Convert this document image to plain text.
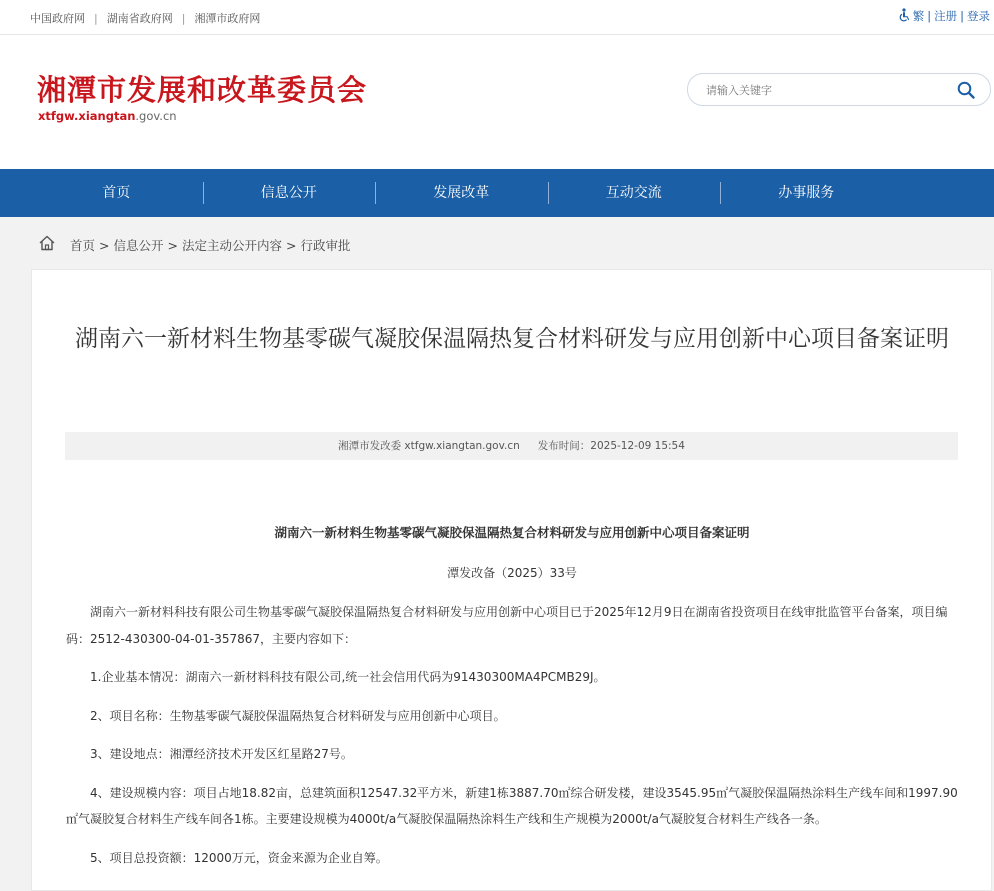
中国政府网 | 湖南省政府网 | 湘潭市政府网	繁 | 注册 | 登录
湘潭市发展和改革委员会
xtfgw.xiangtan.gov.cn
请输入关键字
首页	信息公开	发展改革	互动交流	办事服务
首页 > 信息公开 > 法定主动公开内容 > 行政审批
湖南六一新材料生物基零碳气凝胶保温隔热复合材料研发与应用创新中心项目备案证明
湘潭市发改委 xtfgw.xiangtan.gov.cn 发布时间：2025-12-09 15:54
湖南六一新材料生物基零碳气凝胶保温隔热复合材料研发与应用创新中心项目备案证明
潭发改备（2025）33号

湖南六一新材料科技有限公司生物基零碳气凝胶保温隔热复合材料研发与应用创新中心项目已于2025年12月9日在湖南省投资项目在线审批监管平台备案，项目编码：2512-430300-04-01-357867，主要内容如下：

1.企业基本情况：湖南六一新材料科技有限公司,统一社会信用代码为91430300MA4PCMB29J。

2、项目名称：生物基零碳气凝胶保温隔热复合材料研发与应用创新中心项目。

3、建设地点：湘潭经济技术开发区红星路27号。

4、建设规模内容：项目占地18.82亩，总建筑面积12547.32平方米，新建1栋3887.70㎡综合研发楼，建设3545.95㎡气凝胶保温隔热涂料生产线车间和1997.90㎡气凝胶复合材料生产线车间各1栋。主要建设规模为4000t/a气凝胶保温隔热涂料生产线和生产规模为2000t/a气凝胶复合材料生产线各一条。

5、项目总投资额：12000万元，资金来源为企业自筹。
